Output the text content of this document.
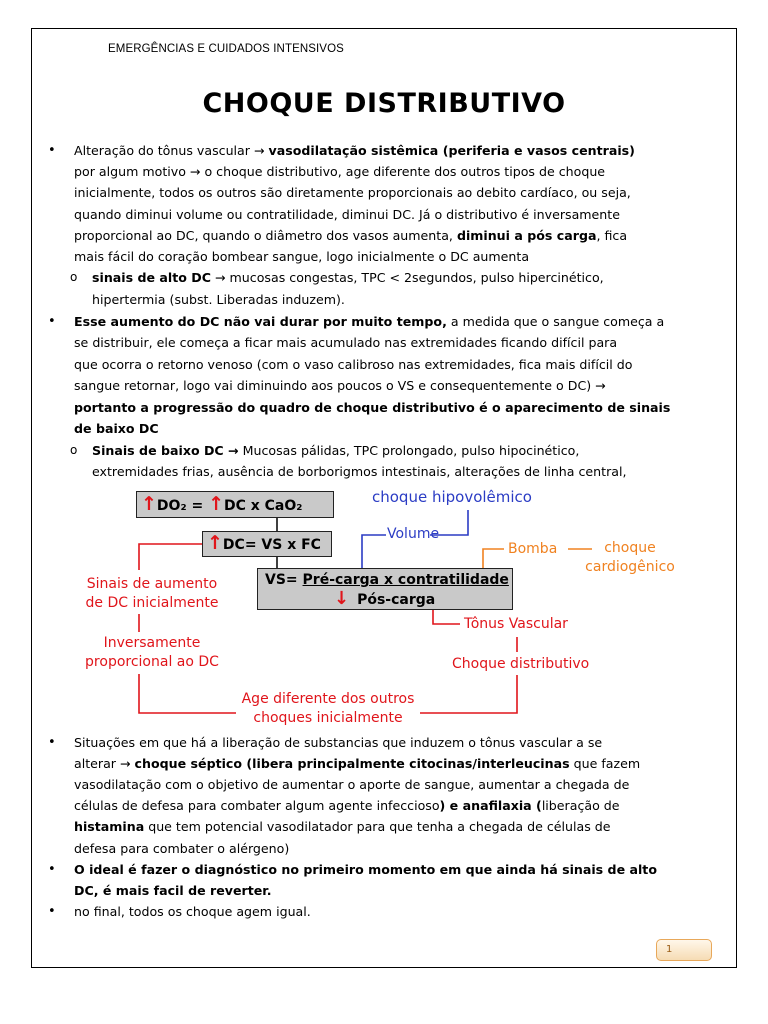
EMERGÊNCIAS E CUIDADOS INTENSIVOS
CHOQUE DISTRIBUTIVO
• Alteração do tônus vascular → vasodilatação sistêmica (periferia e vasos centrais)
por algum motivo → o choque distributivo, age diferente dos outros tipos de choque
inicialmente, todos os outros são diretamente proporcionais ao debito cardíaco, ou seja,
quando diminui volume ou contratilidade, diminui DC. Já o distributivo é inversamente
proporcional ao DC, quando o diâmetro dos vasos aumenta, diminui a pós carga, fica
mais fácil do coração bombear sangue, logo inicialmente o DC aumenta
o sinais de alto DC → mucosas congestas, TPC < 2segundos, pulso hipercinético,
hipertermia (subst. Liberadas induzem).
• Esse aumento do DC não vai durar por muito tempo, a medida que o sangue começa a
se distribuir, ele começa a ficar mais acumulado nas extremidades ficando difícil para
que ocorra o retorno venoso (com o vaso calibroso nas extremidades, fica mais difícil do
sangue retornar, logo vai diminuindo aos poucos o VS e consequentemente o DC) →
portanto a progressão do quadro de choque distributivo é o aparecimento de sinais
de baixo DC
o Sinais de baixo DC → Mucosas pálidas, TPC prolongado, pulso hipocinético,
extremidades frias, ausência de borborigmos intestinais, alterações de linha central,
↑DO₂ = ↑DC x CaO₂
↑DC= VS x FC
VS= Pré-carga x contratilidade
↓ Pós-carga
choque hipovolêmico
Volume
Bomba	choque
cardiogênico
Sinais de aumento
de DC inicialmente
Inversamente
proporcional ao DC
Tônus Vascular
Choque distributivo
Age diferente dos outros
choques inicialmente
• Situações em que há a liberação de substancias que induzem o tônus vascular a se
alterar → choque séptico (libera principalmente citocinas/interleucinas que fazem
vasodilatação com o objetivo de aumentar o aporte de sangue, aumentar a chegada de
células de defesa para combater algum agente infeccioso) e anafilaxia (liberação de
histamina que tem potencial vasodilatador para que tenha a chegada de células de
defesa para combater o alérgeno)
• O ideal é fazer o diagnóstico no primeiro momento em que ainda há sinais de alto
DC, é mais facil de reverter.
• no final, todos os choque agem igual.
1
